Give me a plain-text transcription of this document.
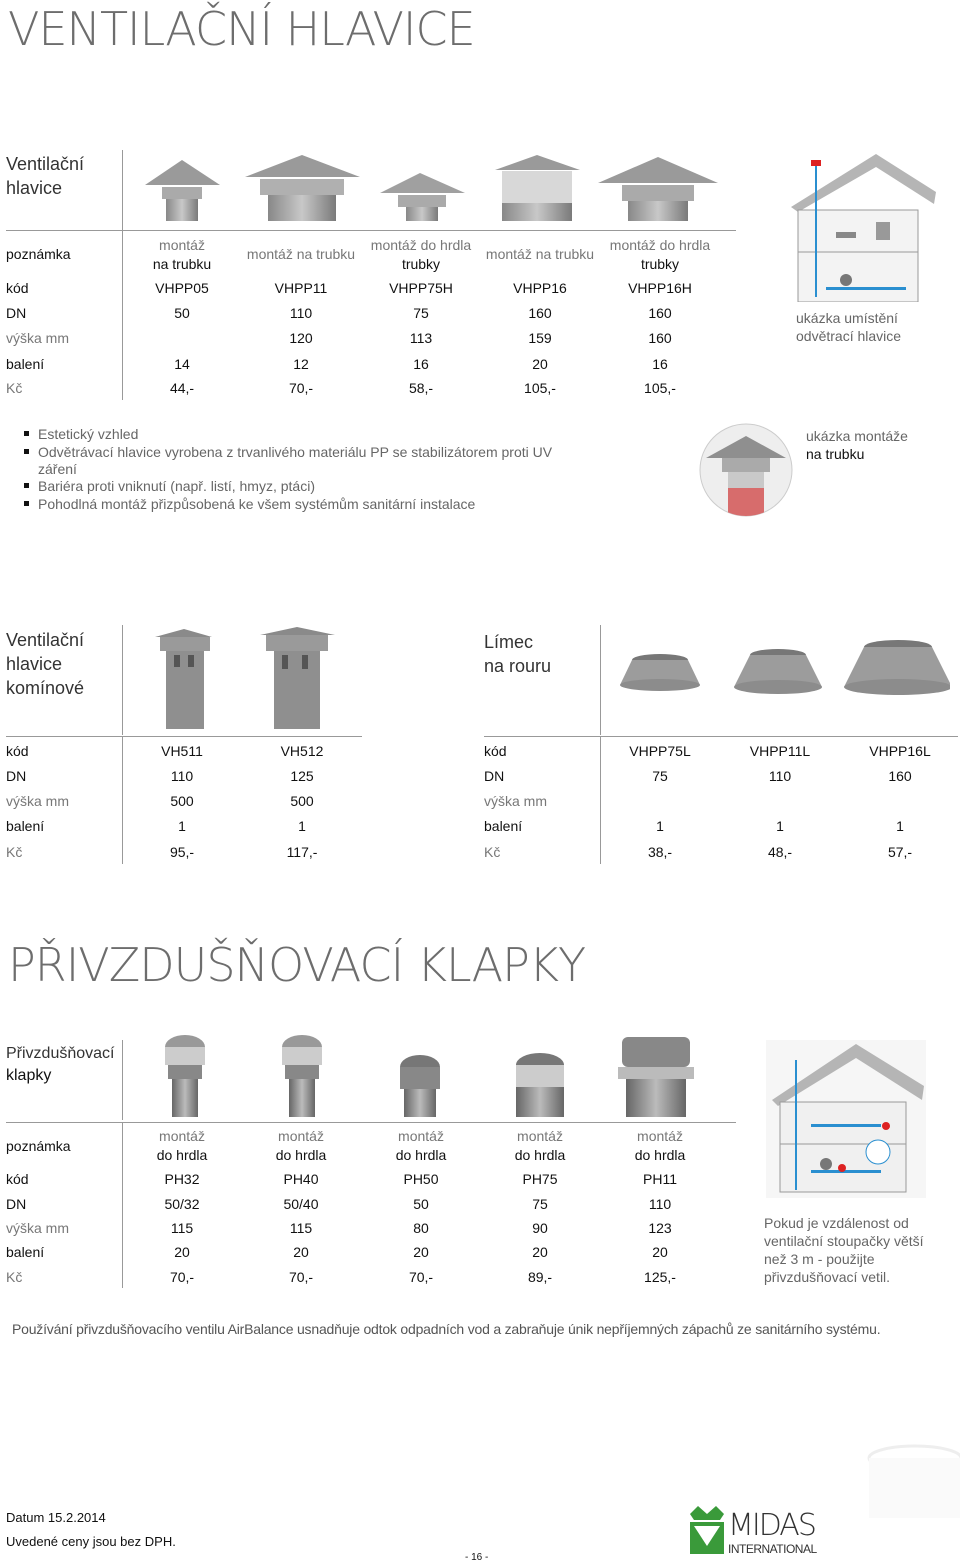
VENTILAČNÍ HLAVICE
Ventilační
hlavice
poznámka
kód
DN
výška mm
balení
Kč
montáž
na trubku
VHPP05
50
14
44,-
montáž na trubku
VHPP11
110
120
12
70,-
montáž do hrdla
trubky
VHPP75H
75
113
16
58,-
montáž na trubku
VHPP16
160
159
20
105,-
montáž do hrdla
trubky
VHPP16H
160
160
16
105,-
ukázka umístění
odvětrací hlavice
Estetický vzhled
Odvětrávací hlavice vyrobena z trvanlivého materiálu PP se stabilizátorem proti UV
záření
Bariéra proti vniknutí (např. listí, hmyz, ptáci)
Pohodlná montáž přizpůsobená ke všem systémům sanitární instalace
ukázka montáže
na trubku
Ventilační
hlavice
komínové
kód
DN
výška mm
balení
Kč
VH511
110
500
1
95,-
VH512
125
500
1
117,-
Límec
na rouru
kód
DN
výška mm
balení
Kč
VHPP75L
75
1
38,-
VHPP11L
110
1
48,-
VHPP16L
160
1
57,-
PŘIVZDUŠŇOVACÍ KLAPKY
Přivzdušňovací
klapky
poznámka
kód
DN
výška mm
balení
Kč
montáž
do hrdla
PH32
50/32
115
20
70,-
montáž
do hrdla
PH40
50/40
115
20
70,-
montáž
do hrdla
PH50
50
80
20
70,-
montáž
do hrdla
PH75
75
90
20
89,-
montáž
do hrdla
PH11
110
123
20
125,-
Pokud je vzdálenost od
ventilační stoupačky větší
než 3 m - použijte
přivzdušňovací vetil.
Používání přivzdušňovacího ventilu AirBalance usnadňuje odtok odpadních vod a zabraňuje únik nepříjemných zápachů ze sanitárního systému.
Datum 15.2.2014
Uvedené ceny jsou bez DPH.
- 16 -
MIDAS
INTERNATIONAL
